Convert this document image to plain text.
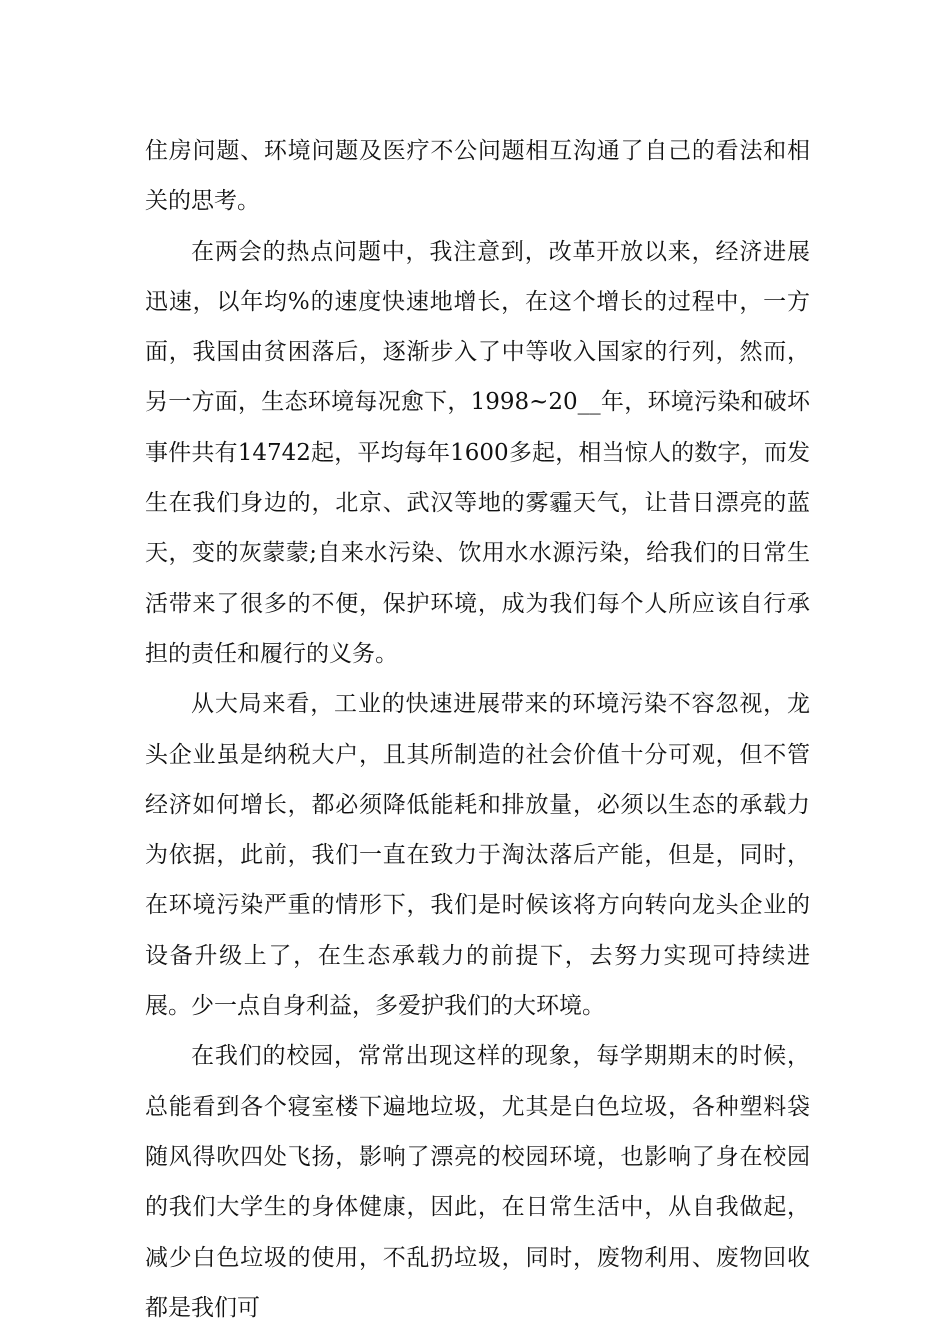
住房问题、环境问题及医疗不公问题相互沟通了自己的看法和相关的思考。

在两会的热点问题中，我注意到，改革开放以来，经济进展迅速，以年均%的速度快速地增长，在这个增长的过程中，一方面，我国由贫困落后，逐渐步入了中等收入国家的行列，然而，另一方面，生态环境每况愈下，1998~20__年，环境污染和破坏事件共有14742起，平均每年1600多起，相当惊人的数字，而发生在我们身边的，北京、武汉等地的雾霾天气，让昔日漂亮的蓝天，变的灰蒙蒙;自来水污染、饮用水水源污染，给我们的日常生活带来了很多的不便，保护环境，成为我们每个人所应该自行承担的责任和履行的义务。

从大局来看，工业的快速进展带来的环境污染不容忽视，龙头企业虽是纳税大户，且其所制造的社会价值十分可观，但不管经济如何增长，都必须降低能耗和排放量，必须以生态的承载力为依据，此前，我们一直在致力于淘汰落后产能，但是，同时，在环境污染严重的情形下，我们是时候该将方向转向龙头企业的设备升级上了，在生态承载力的前提下，去努力实现可持续进展。少一点自身利益，多爱护我们的大环境。

在我们的校园，常常出现这样的现象，每学期期末的时候，总能看到各个寝室楼下遍地垃圾，尤其是白色垃圾，各种塑料袋随风得吹四处飞扬，影响了漂亮的校园环境，也影响了身在校园的我们大学生的身体健康，因此，在日常生活中，从自我做起，减少白色垃圾的使用，不乱扔垃圾，同时，废物利用、废物回收都是我们可
